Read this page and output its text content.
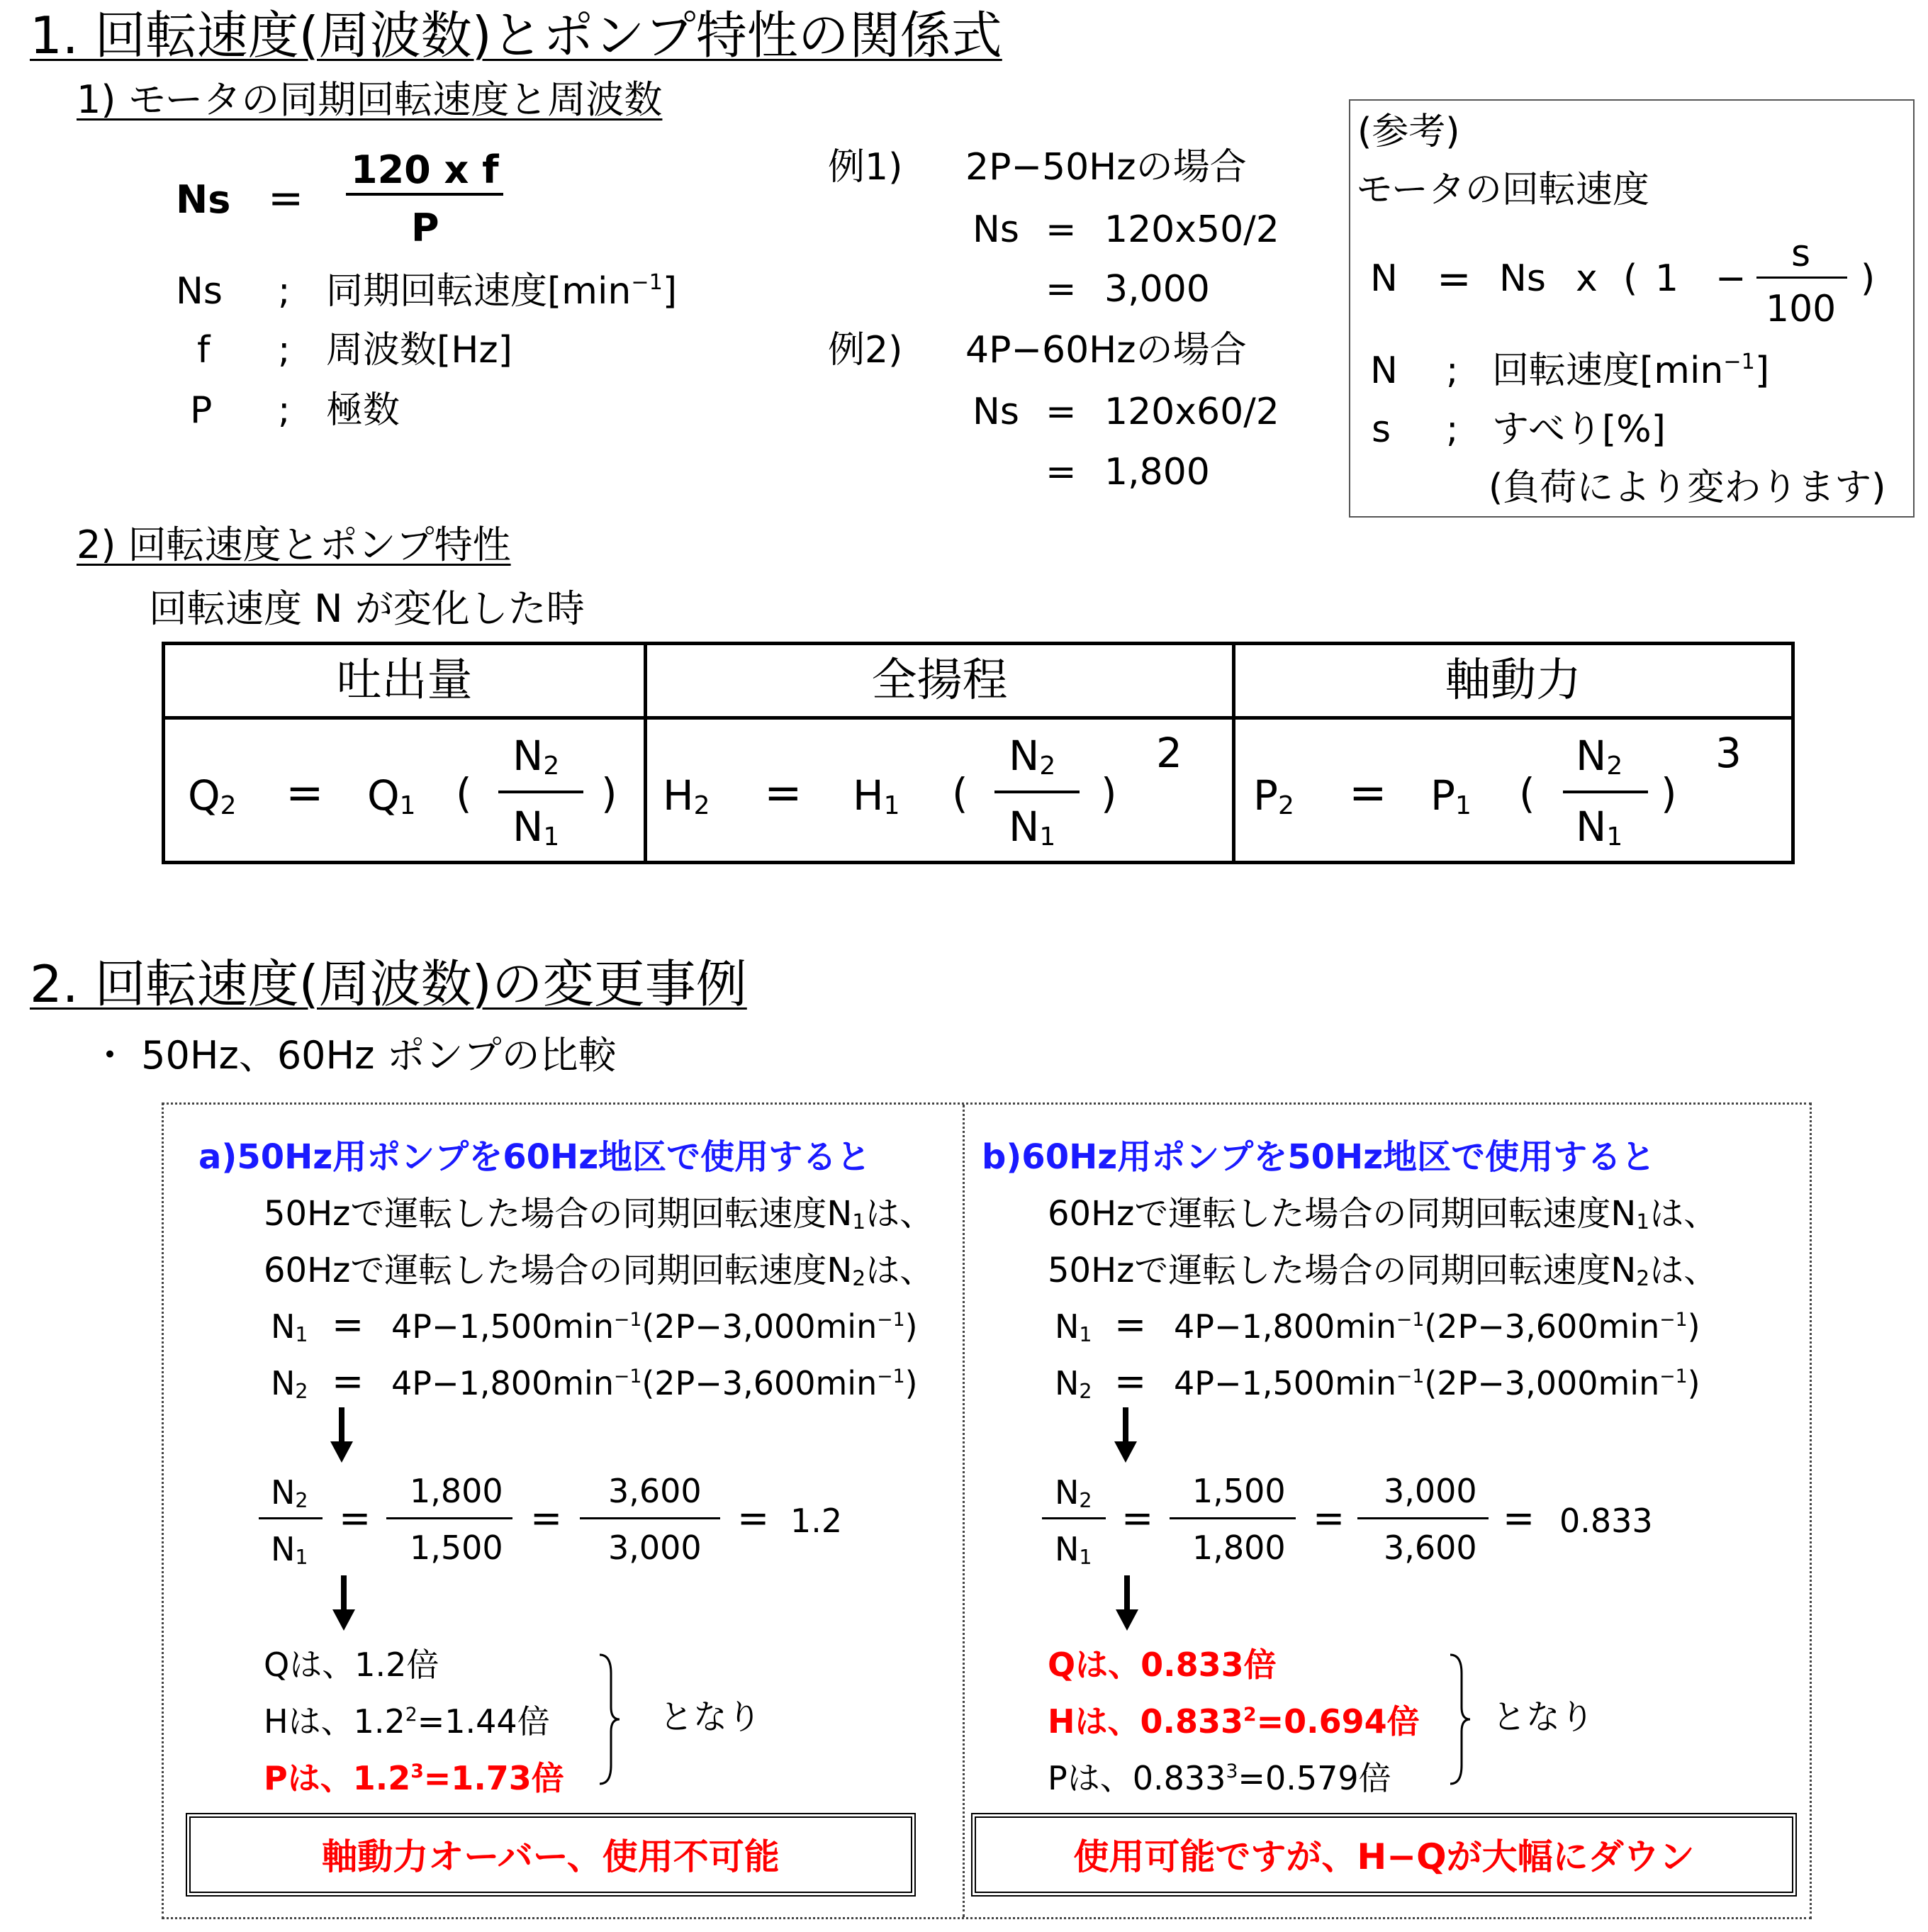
1. 回転速度(周波数)とポンプ特性の関係式
1) モータの同期回転速度と周波数
Ns =
120 x f
P
Ns ; 同期回転速度$[\min^{-1}]$
f ; 周波数[Hz]
P ; 極数
例1) 2P−50Hzの場合
Ns = 120x50/2
= 3,000
例2) 4P−60Hzの場合
Ns = 120x60/2
= 1,800
(参考)
モータの回転速度
N = Ns x ( 1 −
s
100
)
N ; 回転速度$[\min^{-1}]$
s ; すべり[%]
(負荷により変わります)
2) 回転速度とポンプ特性
回転速度 N が変化した時
吐出量	全揚程	軸動力
Q2 = Q1 (
N2
N1
) H2 = H1 (
N2
N1
)
2
P2 = P1 (
N2
N1
)
3
2. 回転速度(周波数)の変更事例
・ 50Hz、60Hz ポンプの比較
a)50Hz用ポンプを60Hz地区で使用すると
50Hzで運転した場合の同期回転速度N1は、
60Hzで運転した場合の同期回転速度N2は、
$N1 = 4P-1,500\min^{-1}(2P-3,000\min^{-1})$
$N2 = 4P-1,800\min^{-1}(2P-3,600\min^{-1})$
N2
N1
=
1,800
1,500
=
3,600
3,000
= 1.2
Qは、1.2倍
Hは、$1.2^2=1.44$倍
Pは、$1.2^3=1.73$倍
となり
軸動力オーバー、使用不可能
b)60Hz用ポンプを50Hz地区で使用すると
60Hzで運転した場合の同期回転速度N1は、
50Hzで運転した場合の同期回転速度N2は、
$N1 = 4P-1,800\min^{-1}(2P-3,600\min^{-1})$
$N2 = 4P-1,500\min^{-1}(2P-3,000\min^{-1})$
N2
N1
=
1,500
1,800
=
3,000
3,600
= 0.833
Qは、0.833倍
Hは、$0.833^2=0.694$倍
Pは、$0.833^3=0.579$倍
となり
使用可能ですが、H−Qが大幅にダウン
